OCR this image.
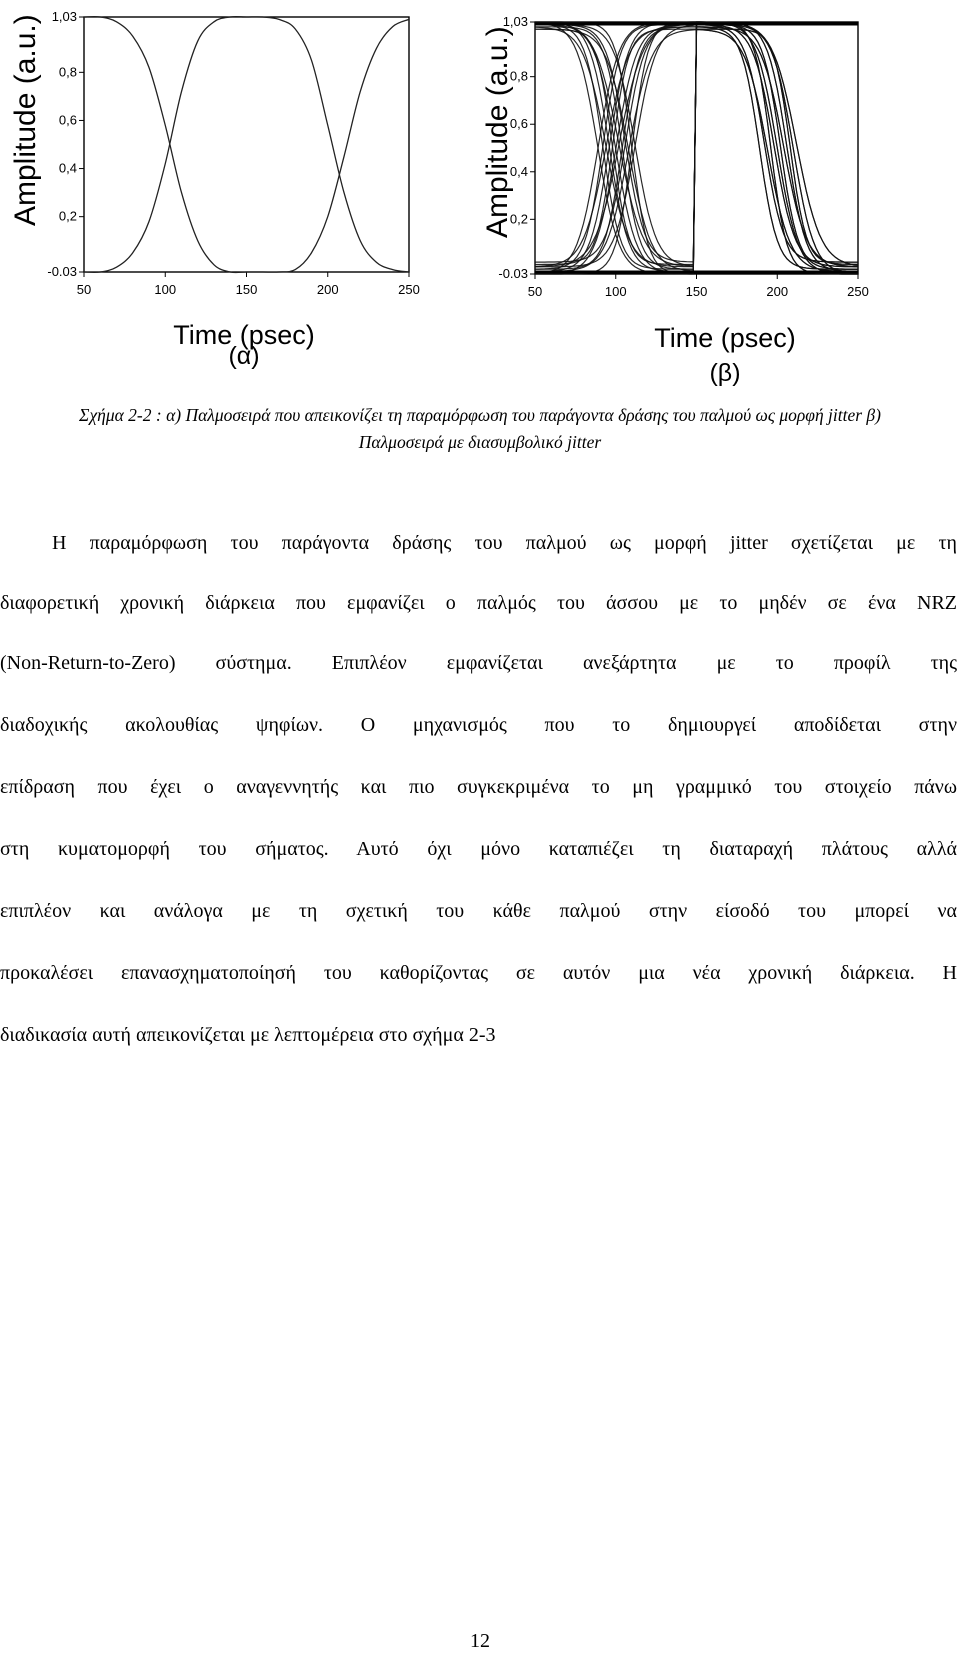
Amplitude (a.u.)
-0.03
0,2
0,4
0,6
0,8
1,03
50	100	150	200	250
Time (psec)
(α)
Amplitude (a.u.)
-0.03
0,2
0,4
0,6
0,8
1,03
50	100	150	200	250
Time (psec)
(β)
Σχήμα 2-2 : α) Παλμοσειρά που απεικονίζει τη παραμόρφωση του παράγοντα δράσης του παλμού ως μορφή jitter β) Παλμοσειρά με διασυμβολικό jitter
Η παραμόρφωση του παράγοντα δράσης του παλμού ως μορφή jitter σχετίζεται με τη
διαφορετική χρονική διάρκεια που εμφανίζει ο παλμός του άσσου με το μηδέν σε ένα NRZ
(Non-Return-to-Zero) σύστημα. Επιπλέον εμφανίζεται ανεξάρτητα με το προφίλ της
διαδοχικής ακολουθίας ψηφίων. Ο μηχανισμός που το δημιουργεί αποδίδεται στην
επίδραση που έχει ο αναγεννητής και πιο συγκεκριμένα το μη γραμμικό του στοιχείο πάνω
στη κυματομορφή του σήματος. Αυτό όχι μόνο καταπιέζει τη διαταραχή πλάτους αλλά
επιπλέον και ανάλογα με τη σχετική του κάθε παλμού στην είσοδό του μπορεί να
προκαλέσει επανασχηματοποίησή του καθορίζοντας σε αυτόν μια νέα χρονική διάρκεια. Η
διαδικασία αυτή απεικονίζεται με λεπτομέρεια στο σχήμα 2-3
12
